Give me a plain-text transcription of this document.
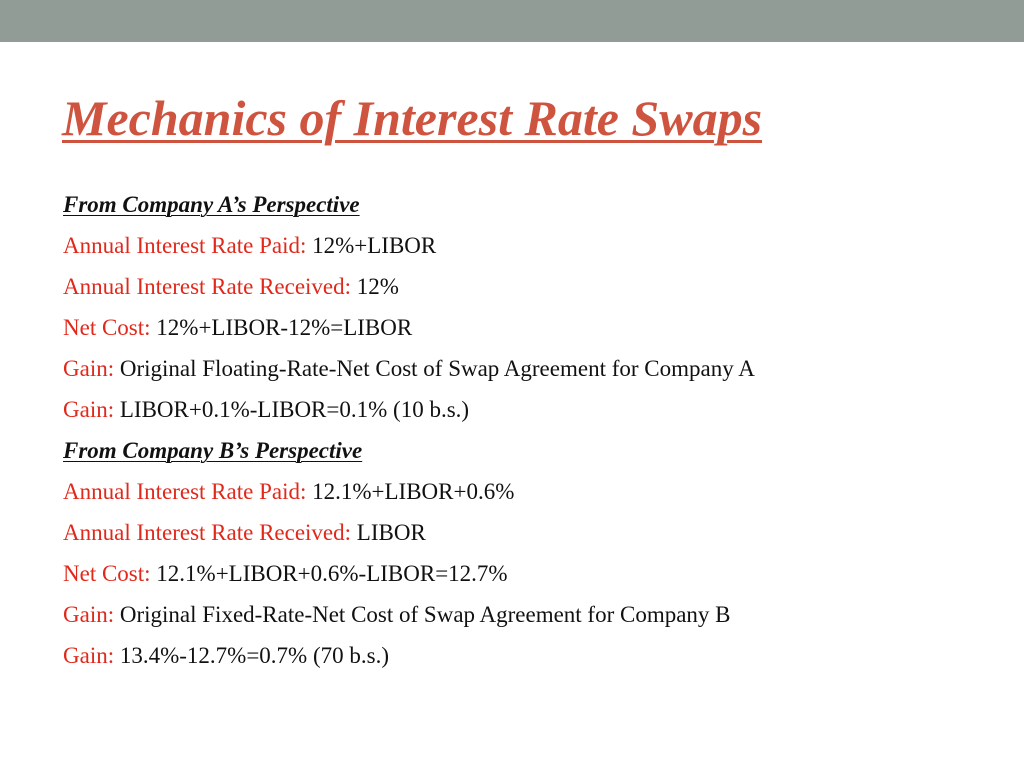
Mechanics of Interest Rate Swaps
From Company A’s Perspective
Annual Interest Rate Paid: 12%+LIBOR
Annual Interest Rate Received: 12%
Net Cost: 12%+LIBOR-12%=LIBOR
Gain: Original Floating-Rate-Net Cost of Swap Agreement for Company A
Gain: LIBOR+0.1%-LIBOR=0.1% (10 b.s.)
From Company B’s Perspective
Annual Interest Rate Paid: 12.1%+LIBOR+0.6%
Annual Interest Rate Received: LIBOR
Net Cost: 12.1%+LIBOR+0.6%-LIBOR=12.7%
Gain: Original Fixed-Rate-Net Cost of Swap Agreement for Company B
Gain: 13.4%-12.7%=0.7% (70 b.s.)
